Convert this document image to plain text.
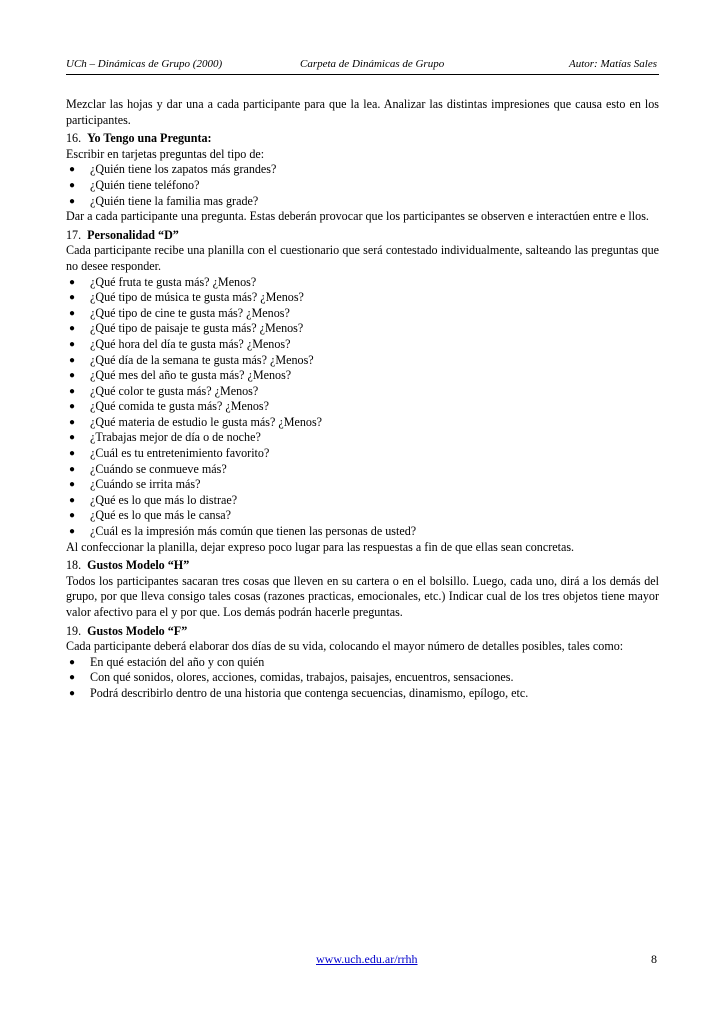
UCh – Dinámicas de Grupo (2000)	Carpeta de Dinámicas de Grupo	Autor: Matías Sales

Mezclar las hojas y dar una a cada participante para que la lea. Analizar las distintas impresiones que causa esto en los participantes.

16. Yo Tengo una Pregunta:

Escribir en tarjetas preguntas del tipo de:

● ¿Quién tiene los zapatos más grandes?
● ¿Quién tiene teléfono?
● ¿Quién tiene la familia mas grade?

Dar a cada participante una pregunta. Estas deberán provocar que los participantes se observen e interactúen entre e llos.

17. Personalidad “D”

Cada participante recibe una planilla con el cuestionario que será contestado individualmente, salteando las preguntas que no desee responder.

● ¿Qué fruta te gusta más? ¿Menos?
● ¿Qué tipo de música te gusta más? ¿Menos?
● ¿Qué tipo de cine te gusta más? ¿Menos?
● ¿Qué tipo de paisaje te gusta más? ¿Menos?
● ¿Qué hora del día te gusta más? ¿Menos?
● ¿Qué día de la semana te gusta más? ¿Menos?
● ¿Qué mes del año te gusta más? ¿Menos?
● ¿Qué color te gusta más? ¿Menos?
● ¿Qué comida te gusta más? ¿Menos?
● ¿Qué materia de estudio le gusta más? ¿Menos?
● ¿Trabajas mejor de día o de noche?
● ¿Cuál es tu entretenimiento favorito?
● ¿Cuándo se conmueve más?
● ¿Cuándo se irrita más?
● ¿Qué es lo que más lo distrae?
● ¿Qué es lo que más le cansa?
● ¿Cuál es la impresión más común que tienen las personas de usted?

Al confeccionar la planilla, dejar expreso poco lugar para las respuestas a fin de que ellas sean concretas.

18. Gustos Modelo “H”

Todos los participantes sacaran tres cosas que lleven en su cartera o en el bolsillo. Luego, cada uno, dirá a los demás del grupo, por que lleva consigo tales cosas (razones practicas, emocionales, etc.) Indicar cual de los tres objetos tiene mayor valor afectivo para el y por que. Los demás podrán hacerle preguntas.

19. Gustos Modelo “F”

Cada participante deberá elaborar dos días de su vida, colocando el mayor número de detalles posibles, tales como:

● En qué estación del año y con quién
● Con qué sonidos, olores, acciones, comidas, trabajos, paisajes, encuentros, sensaciones.
● Podrá describirlo dentro de una historia que contenga secuencias, dinamismo, epílogo, etc.
www.uch.edu.ar/rrhh	8
